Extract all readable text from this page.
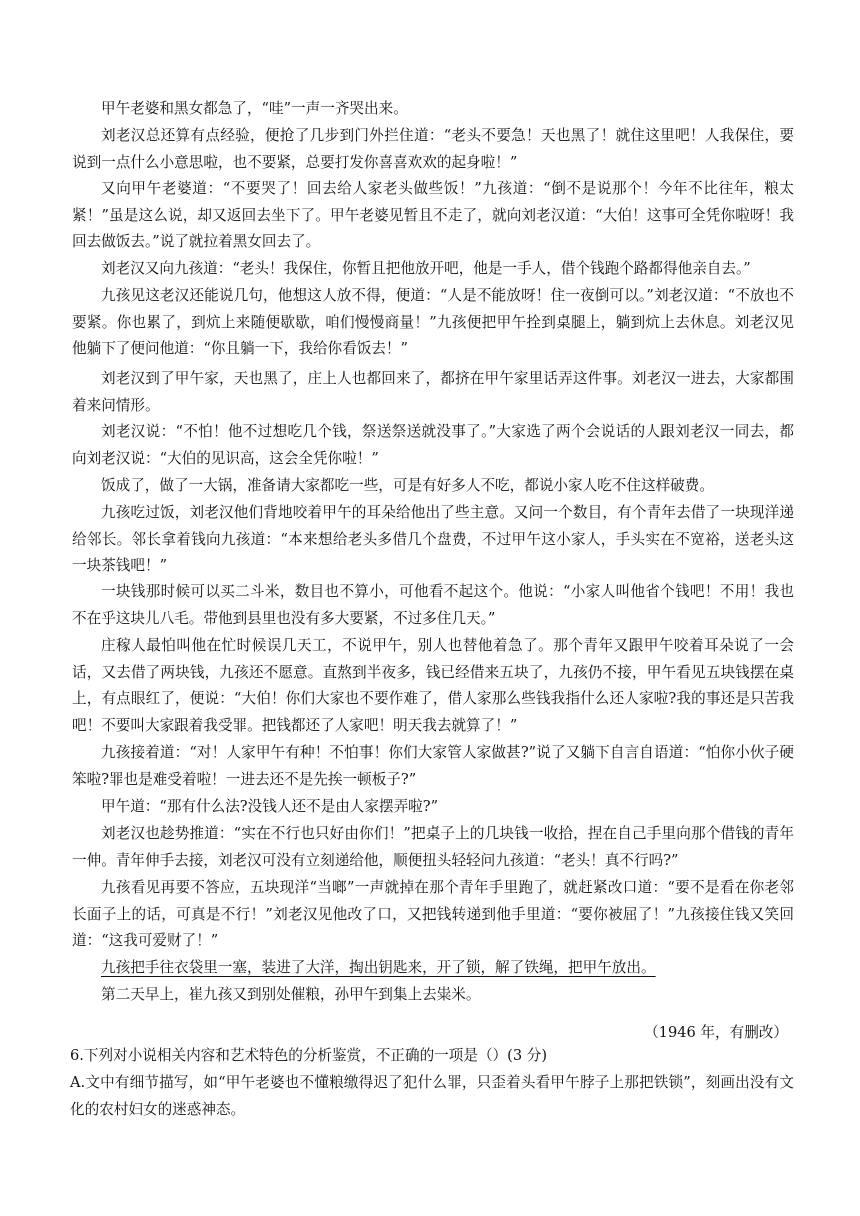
甲午老婆和黑女都急了，“哇”一声一齐哭出来。

刘老汉总还算有点经验，便抢了几步到门外拦住道：“老头不要急！天也黑了！就住这里吧！人我保住，要说到一点什么小意思啦，也不要紧，总要打发你喜喜欢欢的起身啦！”

又向甲午老婆道：“不要哭了！回去给人家老头做些饭！”九孩道：“倒不是说那个！今年不比往年，粮太紧！”虽是这么说，却又返回去坐下了。甲午老婆见暂且不走了，就向刘老汉道：“大伯！这事可全凭你啦呀！我回去做饭去。”说了就拉着黑女回去了。

刘老汉又向九孩道：“老头！我保住，你暂且把他放开吧，他是一手人，借个钱跑个路都得他亲自去。”

九孩见这老汉还能说几句，他想这人放不得，便道：“人是不能放呀！住一夜倒可以。”刘老汉道：“不放也不要紧。你也累了，到炕上来随便歇歇，咱们慢慢商量！”九孩便把甲午拴到桌腿上，躺到炕上去休息。刘老汉见他躺下了便问他道：“你且躺一下，我给你看饭去！”

刘老汉到了甲午家，天也黑了，庄上人也都回来了，都挤在甲午家里话弄这件事。刘老汉一进去，大家都围着来问情形。

刘老汉说：“不怕！他不过想吃几个钱，祭送祭送就没事了。”大家选了两个会说话的人跟刘老汉一同去，都向刘老汉说：“大伯的见识高，这会全凭你啦！”

饭成了，做了一大锅，准备请大家都吃一些，可是有好多人不吃，都说小家人吃不住这样破费。

九孩吃过饭，刘老汉他们背地咬着甲午的耳朵给他出了些主意。又问一个数目，有个青年去借了一块现洋递给邻长。邻长拿着钱向九孩道：“本来想给老头多借几个盘费，不过甲午这小家人，手头实在不宽裕，送老头这一块茶钱吧！”

一块钱那时候可以买二斗米，数目也不算小，可他看不起这个。他说：“小家人叫他省个钱吧！不用！我也不在乎这块儿八毛。带他到县里也没有多大要紧，不过多住几天。”

庄稼人最怕叫他在忙时候误几天工，不说甲午，别人也替他着急了。那个青年又跟甲午咬着耳朵说了一会话，又去借了两块钱，九孩还不愿意。直熬到半夜多，钱已经借来五块了，九孩仍不接，甲午看见五块钱摆在桌上，有点眼红了，便说：“大伯！你们大家也不要作难了，借人家那么些钱我指什么还人家啦?我的事还是只苦我吧！不要叫大家跟着我受罪。把钱都还了人家吧！明天我去就算了！”

九孩接着道：“对！人家甲午有种！不怕事！你们大家管人家做甚?”说了又躺下自言自语道：“怕你小伙子硬笨啦?罪也是难受着啦！一进去还不是先挨一顿板子?”

甲午道：“那有什么法?没钱人还不是由人家摆弄啦?”

刘老汉也趁势推道：“实在不行也只好由你们！”把桌子上的几块钱一收拾，捏在自己手里向那个借钱的青年一伸。青年伸手去接，刘老汉可没有立刻递给他，顺便扭头轻轻问九孩道：“老头！真不行吗?”

九孩看见再要不答应，五块现洋“当啷”一声就掉在那个青年手里跑了，就赶紧改口道：“要不是看在你老邻长面子上的话，可真是不行！”刘老汉见他改了口，又把钱转递到他手里道：“要你被屈了！”九孩接住钱又笑回道：“这我可爱财了！”

九孩把手往衣袋里一塞，装进了大洋，掏出钥匙来，开了锁，解了铁绳，把甲午放出。

第二天早上，崔九孩又到别处催粮，孙甲午到集上去粜米。

（1946 年，有删改）

6.下列对小说相关内容和艺术特色的分析鉴赏，不正确的一项是（）(3 分)

A.文中有细节描写，如“甲午老婆也不懂粮缴得迟了犯什么罪，只歪着头看甲午脖子上那把铁锁”，刻画出没有文化的农村妇女的迷惑神态。
